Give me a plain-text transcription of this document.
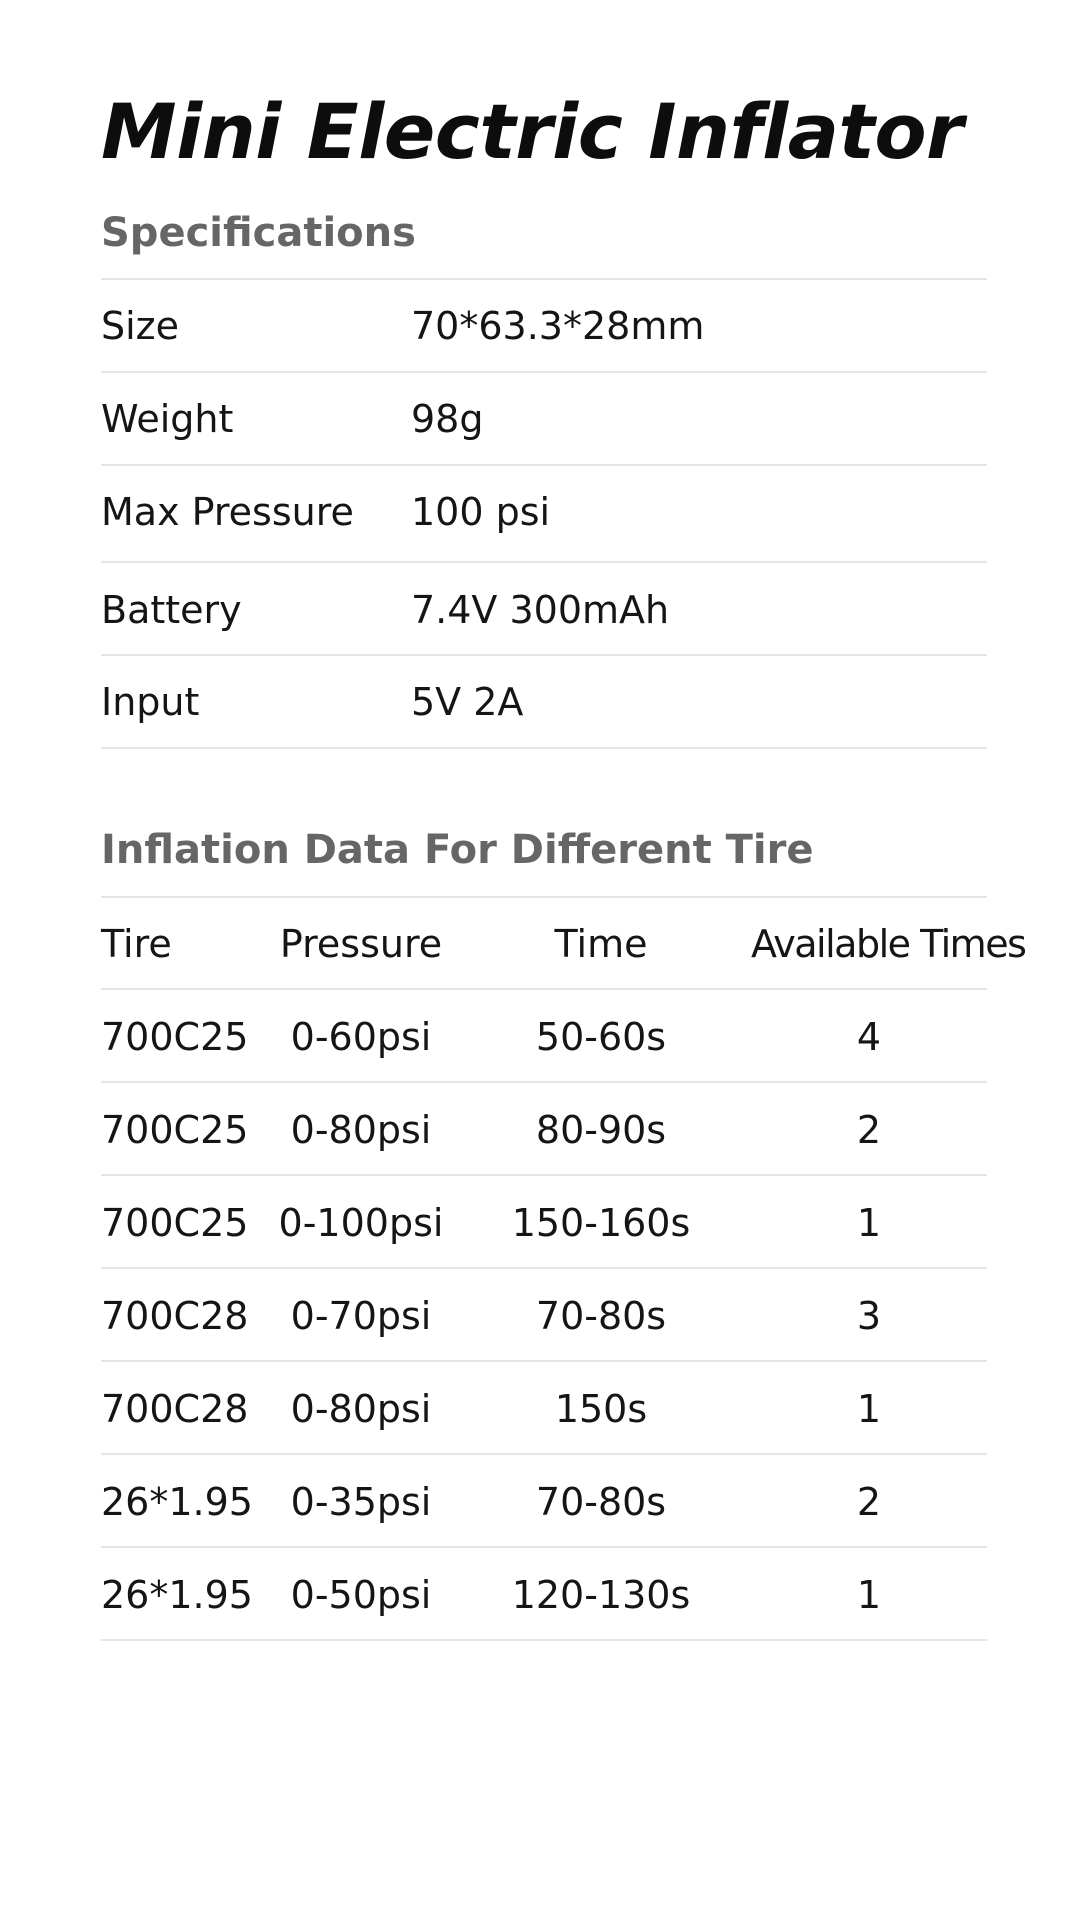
Mini Electric Inflator
Specifications
Size	70*63.3*28mm
Weight	98g
Max Pressure 100 psi
Battery	7.4V 300mAh
Input	5V 2A
Inflation Data For Different Tire
Tire	Pressure	Time	Available Times
700C25	0-60psi	50-60s	4
700C25	0-80psi	80-90s	2
700C25 0-100psi 150-160s	1
700C28	0-70psi	70-80s	3
700C28	0-80psi	150s	1
26*1.95 0-35psi	70-80s	2
26*1.95 0-50psi	120-130s	1
